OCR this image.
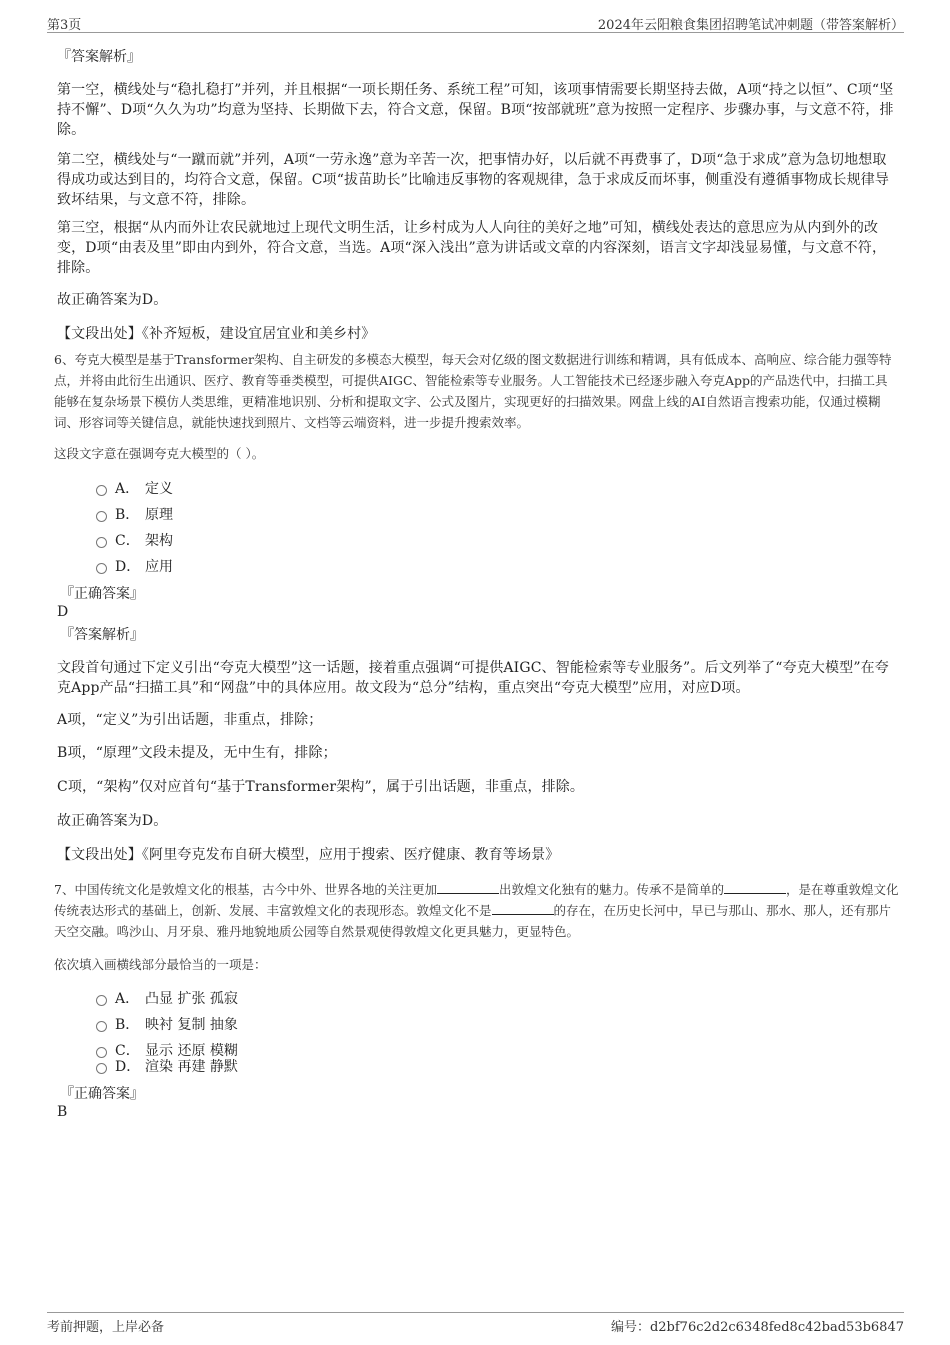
第3页	2024年云阳粮食集团招聘笔试冲刺题（带答案解析）
『答案解析』
第一空，横线处与“稳扎稳打”并列，并且根据“一项长期任务、系统工程”可知，该项事情需要长期坚持去做，A项“持之以恒”、C项“坚持不懈”、D项“久久为功”均意为坚持、长期做下去，符合文意，保留。B项“按部就班”意为按照一定程序、步骤办事，与文意不符，排除。
第二空，横线处与“一蹴而就”并列，A项“一劳永逸”意为辛苦一次，把事情办好，以后就不再费事了，D项“急于求成”意为急切地想取得成功或达到目的，均符合文意，保留。C项“拔苗助长”比喻违反事物的客观规律，急于求成反而坏事，侧重没有遵循事物成长规律导致坏结果，与文意不符，排除。
第三空，根据“从内而外让农民就地过上现代文明生活，让乡村成为人人向往的美好之地”可知，横线处表达的意思应为从内到外的改变，D项“由表及里”即由内到外，符合文意，当选。A项“深入浅出”意为讲话或文章的内容深刻，语言文字却浅显易懂，与文意不符，排除。
故正确答案为D。
【文段出处】《补齐短板，建设宜居宜业和美乡村》
6、夸克大模型是基于Transformer架构、自主研发的多模态大模型，每天会对亿级的图文数据进行训练和精调，具有低成本、高响应、综合能力强等特点，并将由此衍生出通识、医疗、教育等垂类模型，可提供AIGC、智能检索等专业服务。人工智能技术已经逐步融入夸克App的产品迭代中，扫描工具能够在复杂场景下模仿人类思维，更精准地识别、分析和提取文字、公式及图片，实现更好的扫描效果。网盘上线的AI自然语言搜索功能，仅通过模糊词、形容词等关键信息，就能快速找到照片、文档等云端资料，进一步提升搜索效率。
这段文字意在强调夸克大模型的（ ）。
A． 定义
B． 原理
C． 架构
D． 应用
『正确答案』
D
『答案解析』
文段首句通过下定义引出“夸克大模型”这一话题，接着重点强调“可提供AIGC、智能检索等专业服务”。后文列举了“夸克大模型”在夸克App产品“扫描工具”和“网盘”中的具体应用。故文段为“总分”结构，重点突出“夸克大模型”应用，对应D项。
A项，“定义”为引出话题，非重点，排除；
B项，“原理”文段未提及，无中生有，排除；
C项，“架构”仅对应首句“基于Transformer架构”，属于引出话题，非重点，排除。
故正确答案为D。
【文段出处】《阿里夸克发布自研大模型，应用于搜索、医疗健康、教育等场景》
7、中国传统文化是敦煌文化的根基，古今中外、世界各地的关注更加	出敦煌文化独有的魅力。传承不是简单的	，是在尊重敦煌文化传统表达形式的基础上，创新、发展、丰富敦煌文化的表现形态。敦煌文化不是	的存在，在历史长河中，早已与那山、那水、那人，还有那片天空交融。鸣沙山、月牙泉、雅丹地貌地质公园等自然景观使得敦煌文化更具魅力，更显特色。
依次填入画横线部分最恰当的一项是：
A． 凸显 扩张 孤寂
B． 映衬 复制 抽象
C． 显示 还原 模糊
D． 渲染 再建 静默
『正确答案』
B
考前押题，上岸必备	编号：d2bf76c2d2c6348fed8c42bad53b6847
